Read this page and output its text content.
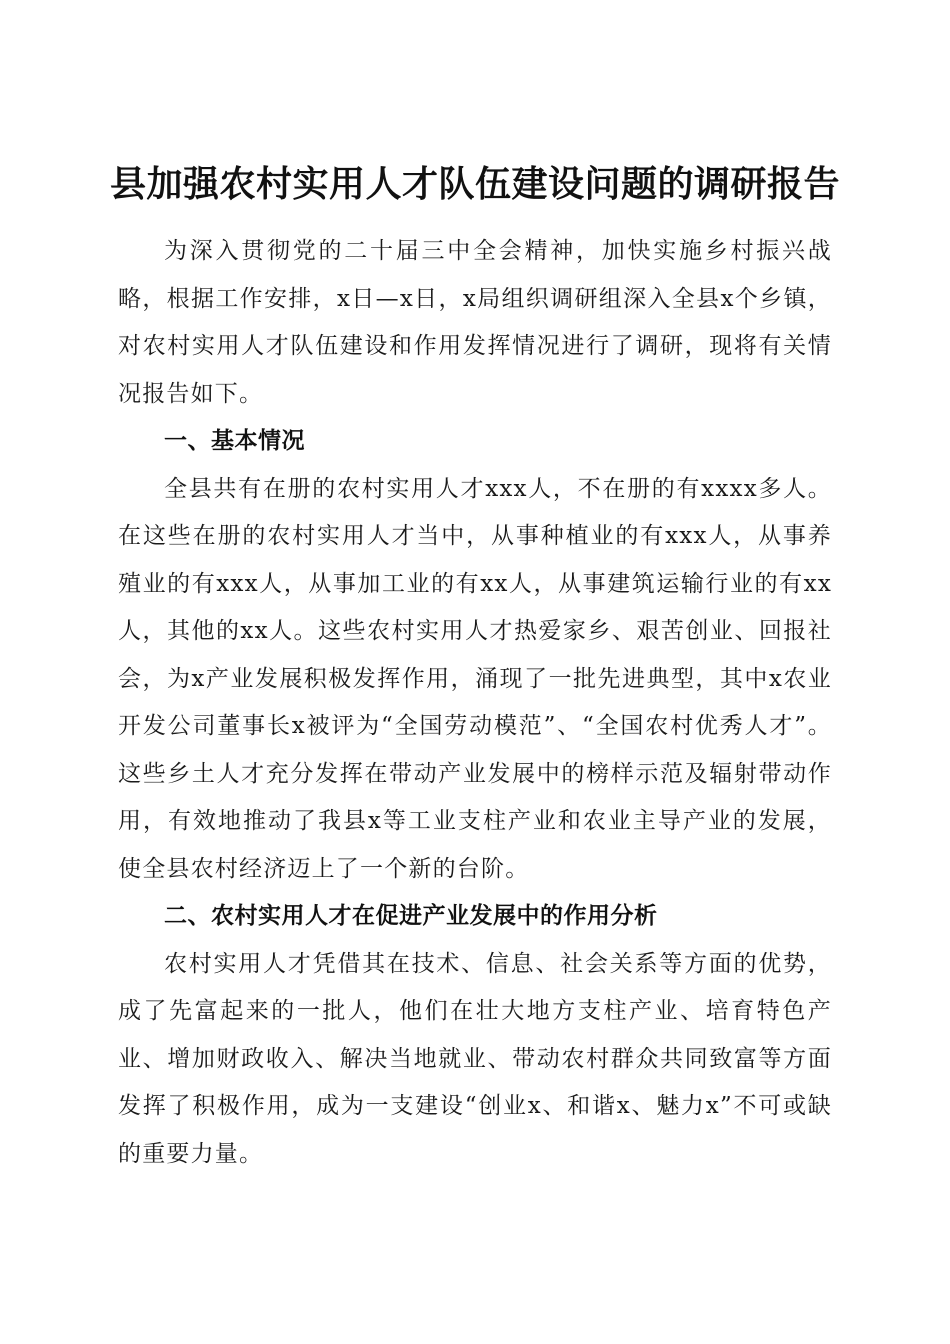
县加强农村实用人才队伍建设问题的调研报告

为深入贯彻党的二十届三中全会精神，加快实施乡村振兴战略，根据工作安排，x日—x日，x局组织调研组深入全县x个乡镇，对农村实用人才队伍建设和作用发挥情况进行了调研，现将有关情况报告如下。

一、基本情况

全县共有在册的农村实用人才xxx人，不在册的有xxxx多人。在这些在册的农村实用人才当中，从事种植业的有xxx人，从事养殖业的有xxx人，从事加工业的有xx人，从事建筑运输行业的有xx人，其他的xx人。这些农村实用人才热爱家乡、艰苦创业、回报社会，为x产业发展积极发挥作用，涌现了一批先进典型，其中x农业开发公司董事长x被评为“全国劳动模范”、“全国农村优秀人才”。这些乡土人才充分发挥在带动产业发展中的榜样示范及辐射带动作用，有效地推动了我县x等工业支柱产业和农业主导产业的发展，使全县农村经济迈上了一个新的台阶。

二、农村实用人才在促进产业发展中的作用分析

农村实用人才凭借其在技术、信息、社会关系等方面的优势，成了先富起来的一批人，他们在壮大地方支柱产业、培育特色产业、增加财政收入、解决当地就业、带动农村群众共同致富等方面发挥了积极作用，成为一支建设“创业x、和谐x、魅力x”不可或缺的重要力量。
